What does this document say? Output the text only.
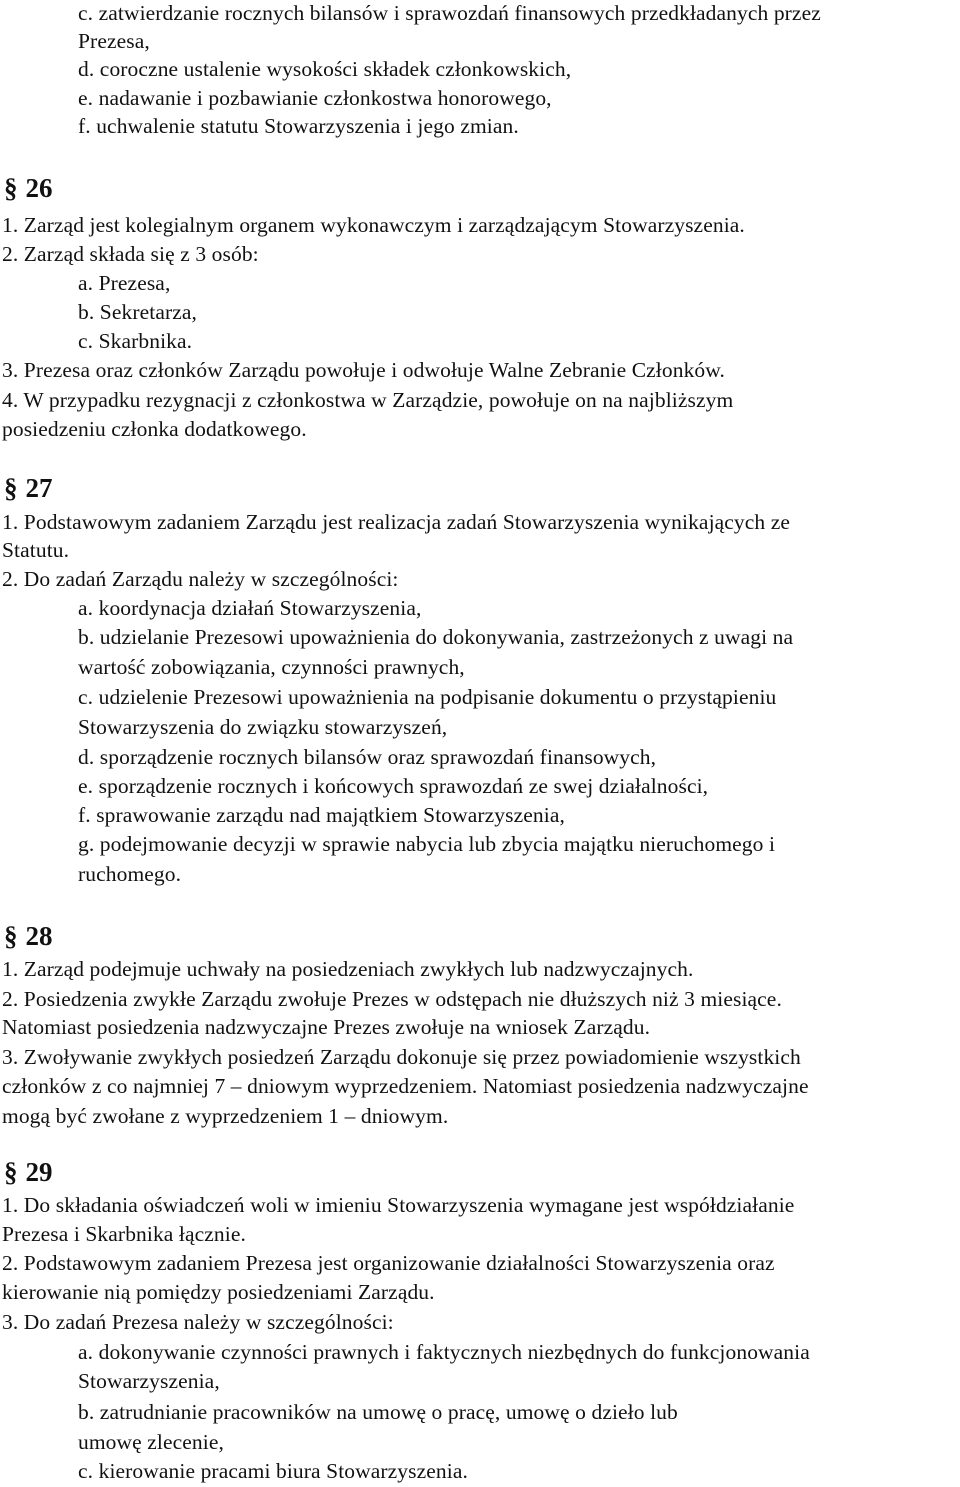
c. zatwierdzanie rocznych bilansów i sprawozdań finansowych przedkładanych przez
Prezesa,
d. coroczne ustalenie wysokości składek członkowskich,
e. nadawanie i pozbawianie członkostwa honorowego,
f. uchwalenie statutu Stowarzyszenia i jego zmian.
§ 26
1. Zarząd jest kolegialnym organem wykonawczym i zarządzającym Stowarzyszenia.
2. Zarząd składa się z 3 osób:
a. Prezesa,
b. Sekretarza,
c. Skarbnika.
3. Prezesa oraz członków Zarządu powołuje i odwołuje Walne Zebranie Członków.
4. W przypadku rezygnacji z członkostwa w Zarządzie, powołuje on na najbliższym
posiedzeniu członka dodatkowego.
§ 27
1. Podstawowym zadaniem Zarządu jest realizacja zadań Stowarzyszenia wynikających ze
Statutu.
2. Do zadań Zarządu należy w szczególności:
a. koordynacja działań Stowarzyszenia,
b. udzielanie Prezesowi upoważnienia do dokonywania, zastrzeżonych z uwagi na
wartość zobowiązania, czynności prawnych,
c. udzielenie Prezesowi upoważnienia na podpisanie dokumentu o przystąpieniu
Stowarzyszenia do związku stowarzyszeń,
d. sporządzenie rocznych bilansów oraz sprawozdań finansowych,
e. sporządzenie rocznych i końcowych sprawozdań ze swej działalności,
f. sprawowanie zarządu nad majątkiem Stowarzyszenia,
g. podejmowanie decyzji w sprawie nabycia lub zbycia majątku nieruchomego i
ruchomego.
§ 28
1. Zarząd podejmuje uchwały na posiedzeniach zwykłych lub nadzwyczajnych.
2. Posiedzenia zwykłe Zarządu zwołuje Prezes w odstępach nie dłuższych niż 3 miesiące.
Natomiast posiedzenia nadzwyczajne Prezes zwołuje na wniosek Zarządu.
3. Zwoływanie zwykłych posiedzeń Zarządu dokonuje się przez powiadomienie wszystkich
członków z co najmniej 7 – dniowym wyprzedzeniem. Natomiast posiedzenia nadzwyczajne
mogą być zwołane z wyprzedzeniem 1 – dniowym.
§ 29
1. Do składania oświadczeń woli w imieniu Stowarzyszenia wymagane jest współdziałanie
Prezesa i Skarbnika łącznie.
2. Podstawowym zadaniem Prezesa jest organizowanie działalności Stowarzyszenia oraz
kierowanie nią pomiędzy posiedzeniami Zarządu.
3. Do zadań Prezesa należy w szczególności:
a. dokonywanie czynności prawnych i faktycznych niezbędnych do funkcjonowania
Stowarzyszenia,
b. zatrudnianie pracowników na umowę o pracę, umowę o dzieło lub
umowę zlecenie,
c. kierowanie pracami biura Stowarzyszenia.
